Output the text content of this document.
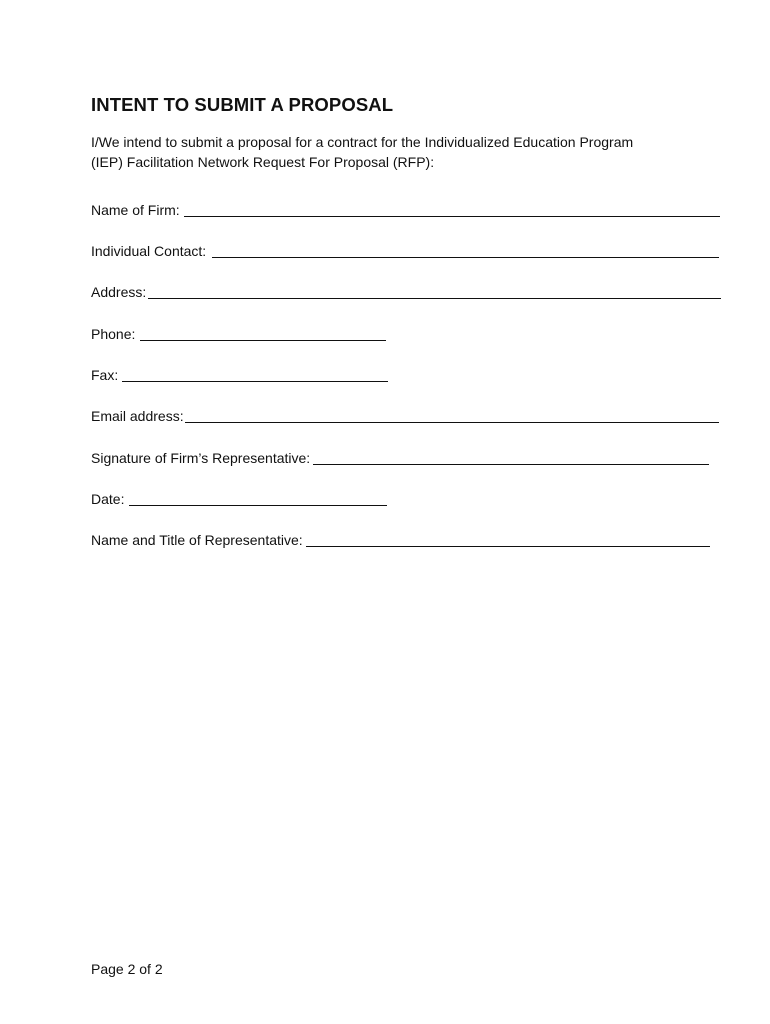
INTENT TO SUBMIT A PROPOSAL

I/We intend to submit a proposal for a contract for the Individualized Education Program
(IEP) Facilitation Network Request For Proposal (RFP):

Name of Firm:
Individual Contact:
Address:
Phone:
Fax:
Email address:
Signature of Firm’s Representative:
Date:
Name and Title of Representative:

Page 2 of 2
